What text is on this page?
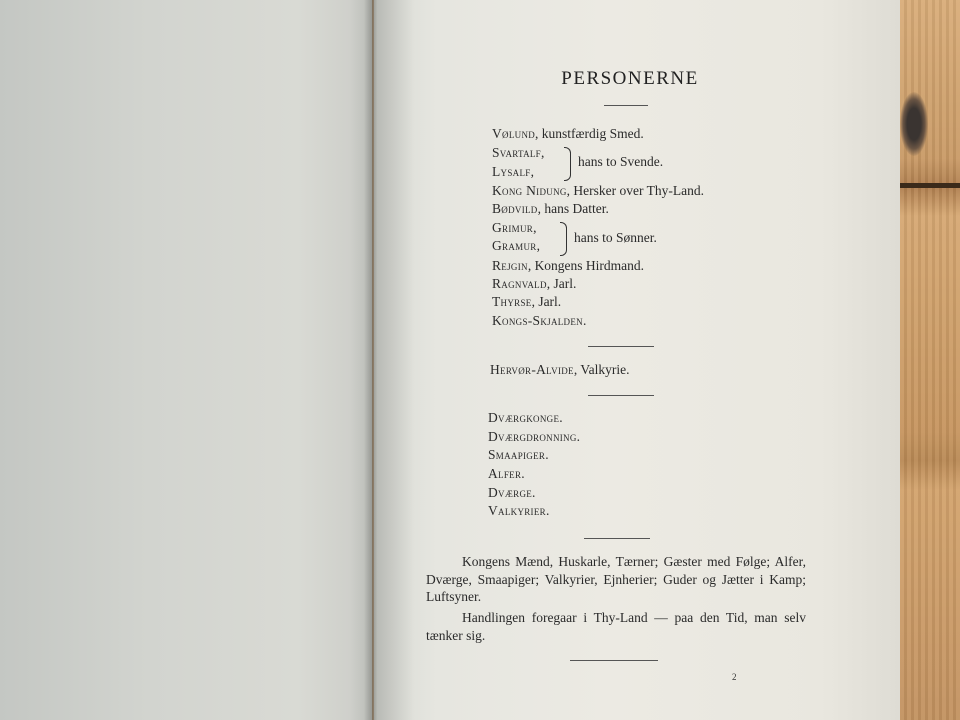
PERSONERNE
Vølund, kunstfærdig Smed.
Svartalf,
Lysalf,
hans to Svende.
Kong Nidung, Hersker over Thy-Land.
Bødvild, hans Datter.
Grimur,
Gramur,
hans to Sønner.
Rejgin, Kongens Hirdmand.
Ragnvald, Jarl.
Thyrse, Jarl.
Kongs-Skjalden.
Hervør-Alvide, Valkyrie.
Dværgkonge.
Dværgdronning.
Smaapiger.
Alfer.
Dværge.
Valkyrier.
Kongens Mænd, Huskarle, Tærner; Gæster med Følge; Alfer, Dværge, Smaapiger; Valkyrier, Ejnherier; Guder og Jætter i Kamp; Luftsyner.
Handlingen foregaar i Thy-Land — paa den Tid, man selv tænker sig.
2
